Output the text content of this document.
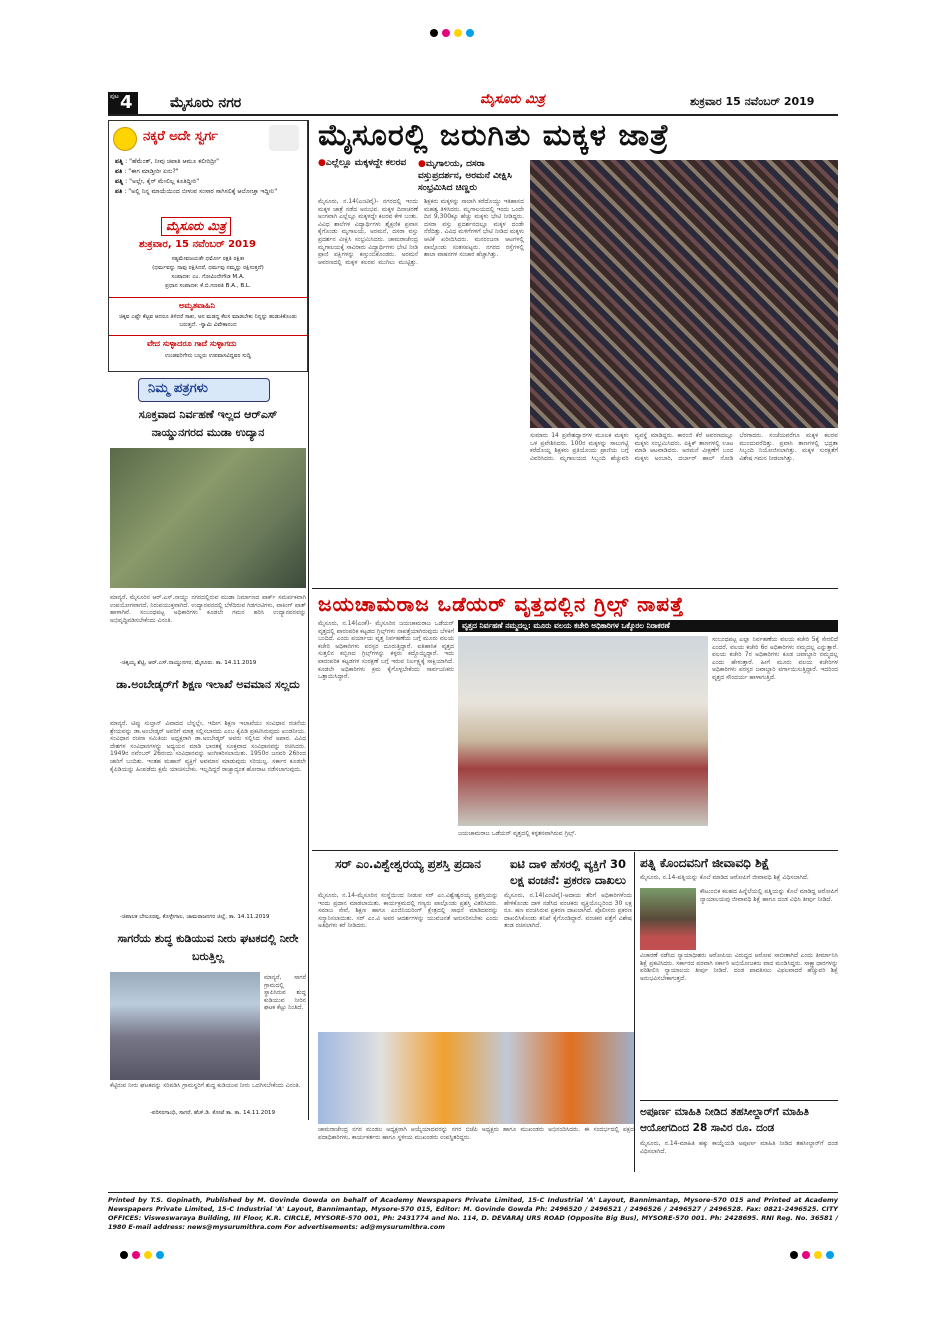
ಪುಟ 4	ಮೈಸೂರು ನಗರ	ಮೈಸೂರು ಮಿತ್ರ	ಶುಕ್ರವಾರ 15 ನವೆಂಬರ್ 2019
ನಕ್ಕರೆ ಅದೇ ಸ್ವರ್ಗ
ಪತ್ನಿ : "ಹೆಮೆಂತ್, ನೀವು ಚಪಾತಿ ಆಮೂ ಕಲೀರಿದ್ರೀ"
ಪತಿ : "ಈಗ ಮಾಡ್ತೀರೀ ಏನು?"
ಪತ್ನಿ : "ಅಲ್ಲೇ, ಕೈರ್ ಮೇಲಿಲ್ಲ ಕೂತಿದ್ದೀರಿ"
ಪತಿ : "ಅಲ್ಲಿ ನಿನ್ನ ಮಾಯೆಯಿಂದ ಬೀಳುವ ಸಂಸಾರ ಸಾಗಿಸಲಿಕ್ಕೆ ಆಲೋಚ್ತಾ ಇದ್ದೀನಿ"
ಮೈಸೂರು ಮಿತ್ರ
ಶುಕ್ರವಾರ, 15 ನವೆಂಬರ್ 2019
ಸತ್ಯಮೇವಜಯತೇ ಧರ್ಮೋ ರಕ್ಷತಿ ರಕ್ಷಿತಃ
(ಧರ್ಮವನ್ನು ನಾವು ರಕ್ಷಿಸಿದರೆ, ಧರ್ಮವು ನಮ್ಮನ್ನು ರಕ್ಷಿಸುತ್ತದೆ)
ಸಂಪಾದಕ: ಎಂ. ಗೋವಿಂದೇಗೌಡ M.A.
ಪ್ರಧಾನ ಸಂಪಾದಕ: ಕೆ.ಬಿ.ಗಣಪತಿ B.A., B.L.
ಅಮೃತವಾಹಿನಿ
ಚಿಕ್ಕವ ಎಷ್ಟೇ ಕೆಟ್ಟವ ಆದರೂ ತಿಳಿದರೆ ಸಾಕು, ಅನ ಮಡದ್ದ ಕೆಲಸ ಮಾಡಬೇಕು ನಿನ್ನನ್ನು ಹುಡುಕಿಕೊಂಡು ಬರುತ್ತದೆ. -ಸ್ವಾಮಿ ವಿವೇಕಾನಂದ
ವೇದ ಸುಳ್ಳಾದರೂ ಗಾದೆ ಸುಳ್ಳಾಗದು
ಉಂಡವರಿಗೇನು ಬಲ್ಲರು ಉಪವಾಸವಿದ್ದವರ ಸುದ್ದಿ
ನಿಮ್ಮ ಪತ್ರಗಳು
ಸೂಕ್ತವಾದ ನಿರ್ವಹಣೆ ಇಲ್ಲದ ಆರ್‌ಎಸ್ ನಾಯ್ಡುನಗರದ ಮುಡಾ ಉದ್ಯಾನ
ಮಾನ್ಯರೆ, ಮೈಸೂರಿನ ಆರ್.ಎಸ್.ನಾಯ್ಡು ನಗರದಲ್ಲಿರುವ ಮುಡಾ ನಿರ್ಮಾಣದ ಪಾರ್ಕ್ ಸಮರ್ಪಕವಾಗಿ ಉಪಯೋಗವಾಗದೆ, ನಿರುಪಯುಕ್ತವಾಗಿದೆ. ಉದ್ಯಾನವನದಲ್ಲಿ ಬೆಳೆದಿರುವ ಗಿಡಗಂಟಿಗಳು, ವಾಕಿಂಗ್ ಪಾತ್ ಹಾಳಾಗಿವೆ. ಸಂಬಂಧಪಟ್ಟ ಅಧಿಕಾರಿಗಳು ಕೂಡಲೇ ಗಮನ ಹರಿಸಿ ಉದ್ಯಾನವನವನ್ನು ಅಭಿವೃದ್ಧಿಪಡಿಸಬೇಕೆಂದು ವಿನಂತಿ.
-ಚಿಕ್ಕಯ್ಯ ಶೆಟ್ಟಿ, ಆರ್.ಎಸ್.ನಾಯ್ಡುನಗರ, ಮೈಸೂರು. ತಾ. 14.11.2019
ಡಾ.ಅಂಬೇಡ್ಕರ್‌ಗೆ ಶಿಕ್ಷಣ ಇಲಾಖೆ ಅವಮಾನ ಸಲ್ಲದು
ಮಾನ್ಯರೆ, ಟಿಪ್ಪು ಸುಲ್ತಾನ್ ವಿವಾದದ ಬೆನ್ನಲ್ಲೇ, ಇದೀಗ ಶಿಕ್ಷಣ ಇಲಾಖೆಯು ಸಂವಿಧಾನ ರಚನೆಯ ಶ್ರೇಯವನ್ನು ಡಾ.ಅಂಬೇಡ್ಕರ್ ಅವರಿಗೆ ಮಾತ್ರ ಸಲ್ಲಿಸಬಾರದು ಎಂಬ ಕೈಪಿಡಿ ಪ್ರಕಟಿಸಿರುವುದು ಖಂಡನೀಯ. ಸಂವಿಧಾನ ರಚನಾ ಸಮಿತಿಯ ಅಧ್ಯಕ್ಷರಾಗಿ ಡಾ.ಅಂಬೇಡ್ಕರ್ ಅವರು ಸಲ್ಲಿಸಿದ ಸೇವೆ ಅಪಾರ. ವಿವಿಧ ದೇಶಗಳ ಸಂವಿಧಾನಗಳನ್ನು ಅಧ್ಯಯನ ಮಾಡಿ ಭಾರತಕ್ಕೆ ಸೂಕ್ತವಾದ ಸಂವಿಧಾನವನ್ನು ರಚಿಸಿದರು. 1949ರ ನವೆಂಬರ್ 26ರಂದು ಸಂವಿಧಾನವನ್ನು ಅಂಗೀಕರಿಸಲಾಯಿತು. 1950ರ ಜನವರಿ 26ರಿಂದ ಜಾರಿಗೆ ಬಂದಿತು. ಇಂತಹ ಮಹಾನ್ ವ್ಯಕ್ತಿಗೆ ಅವಮಾನ ಮಾಡುವುದು ಸರಿಯಲ್ಲ. ಸರ್ಕಾರ ಕೂಡಲೇ ಕೈಪಿಡಿಯನ್ನು ಹಿಂಪಡೆದು ಕ್ಷಮೆ ಯಾಚಿಸಬೇಕು. ಇಲ್ಲದಿದ್ದರೆ ರಾಜ್ಯಾದ್ಯಂತ ಹೋರಾಟ ನಡೆಸಲಾಗುವುದು.
-ಚಿಪಾಲಕ ಬೇಲೂರಪ್ಪ, ಕೊಳ್ಳೇಗಾಲ, ಚಾಮರಾಜನಗರ ಜಿಲ್ಲೆ, ತಾ. 14.11.2019
ಸಾಗರೆಯ ಶುದ್ಧ ಕುಡಿಯುವ ನೀರು ಘಟಕದಲ್ಲಿ ನೀರೇ ಬರುತ್ತಿಲ್ಲ
ಮಾನ್ಯರೆ, ಸಾಗರೆ ಗ್ರಾಮದಲ್ಲಿ ಸ್ಥಾಪಿಸಿರುವ ಶುದ್ಧ ಕುಡಿಯುವ ನೀರಿನ ಘಟಕ ಕೆಟ್ಟು ನಿಂತಿದೆ.
ಕೆಟ್ಟಿರುವ ನೀರು ಘಟಕವನ್ನು ಸರಿಪಡಿಸಿ ಗ್ರಾಮಸ್ಥರಿಗೆ ಶುದ್ಧ ಕುಡಿಯುವ ನೀರು ಒದಗಿಸಬೇಕೆಂದು ವಿನಂತಿ.
-ಪರಿಸರಗಾಂಧಿ, ಸಾಗರೆ, ಹೆಚ್.ಡಿ. ಕೋಟೆ ತಾ. ತಾ. 14.11.2019
ಮೈಸೂರಲ್ಲಿ ಜರುಗಿತು ಮಕ್ಕಳ ಜಾತ್ರೆ
●ಎಲ್ಲೆಲ್ಲೂ ಮಕ್ಕಳದ್ದೇ ಕಲರವ ●ಮೃಗಾಲಯ, ದಸರಾ ವಸ್ತುಪ್ರದರ್ಶನ, ಅರಮನೆ ವೀಕ್ಷಿಸಿ ಸಂಭ್ರಮಿಸಿದ ಚಿಣ್ಣರು
ಮೈಸೂರು, ನ.14(ಎಂಟಿವೈ)- ನಗರದಲ್ಲಿ ಇಂದು ಮಕ್ಕಳ ಜಾತ್ರೆ ನಡೆದ ಅನುಭವ. ಮಕ್ಕಳ ದಿನಾಚರಣೆ ಅಂಗವಾಗಿ ಎಲ್ಲೆಲ್ಲೂ ಮಕ್ಕಳದ್ದೇ ಕಲರವ ಕೇಳಿ ಬಂತು. ವಿವಿಧ ಶಾಲೆಗಳ ವಿದ್ಯಾರ್ಥಿಗಳು ಶೈಕ್ಷಣಿಕ ಪ್ರವಾಸ ಕೈಗೊಂಡು ಮೃಗಾಲಯ, ಅರಮನೆ, ದಸರಾ ವಸ್ತು ಪ್ರದರ್ಶನ ವೀಕ್ಷಿಸಿ ಸಂಭ್ರಮಿಸಿದರು. ಚಾಮರಾಜೇಂದ್ರ ಮೃಗಾಲಯಕ್ಕೆ ಸಾವಿರಾರು ವಿದ್ಯಾರ್ಥಿಗಳು ಭೇಟಿ ನೀಡಿ ಪ್ರಾಣಿ ಪಕ್ಷಿಗಳನ್ನು ಕಣ್ತುಂಬಿಕೊಂಡರು. ಅರಮನೆ ಆವರಣದಲ್ಲಿ ಮಕ್ಕಳ ಕಲರವ ಮುಗಿಲು ಮುಟ್ಟಿತ್ತು. ಶಿಕ್ಷಕರು ಮಕ್ಕಳನ್ನು ಸಾಲಾಗಿ ಕರೆದೊಯ್ದು ಇತಿಹಾಸದ ಮಹತ್ವ ತಿಳಿಸಿದರು. ಮೃಗಾಲಯದಲ್ಲಿ ಇಂದು ಒಂದೇ ದಿನ 9,300ಕ್ಕೂ ಹೆಚ್ಚು ಮಕ್ಕಳು ಭೇಟಿ ನೀಡಿದ್ದರು. ದಸರಾ ವಸ್ತು ಪ್ರದರ್ಶನದಲ್ಲೂ ಮಕ್ಕಳ ದಂಡೇ ನೆರೆದಿತ್ತು. ವಿವಿಧ ಮಳಿಗೆಗಳಿಗೆ ಭೇಟಿ ನೀಡಿದ ಮಕ್ಕಳು ಆಟಿಕೆ ಖರೀದಿಸಿದರು. ಮನರಂಜನಾ ಆಟಗಳಲ್ಲಿ ಪಾಲ್ಗೊಂಡು ಸಂತಸಪಟ್ಟರು. ನಗರದ ರಸ್ತೆಗಳಲ್ಲಿ ಶಾಲಾ ವಾಹನಗಳ ಸಂಚಾರ ಹೆಚ್ಚಾಗಿತ್ತು.
ಸುಮಾರು 14 ಪ್ರವೇಶದ್ವಾರಗಳ ಮೂಲಕ ಮಕ್ಕಳು ಒಳ ಪ್ರವೇಶಿಸಿದರು. 100ರ ಮಕ್ಕಳನ್ನು ಸಾಲುಗಟ್ಟಿ ಕರೆದೊಯ್ದ ಶಿಕ್ಷಕರು ಪ್ರತಿಯೊಂದು ಪ್ರಾಣಿಯ ಬಗ್ಗೆ ವಿವರಿಸಿದರು. ಮೃಗಾಲಯದ ಸಿಬ್ಬಂದಿ ಹೆಚ್ಚುವರಿ ವ್ಯವಸ್ಥೆ ಮಾಡಿದ್ದರು. ಕಾರಂಜಿ ಕೆರೆ ಆವರಣದಲ್ಲೂ ಮಕ್ಕಳು ಸಂಭ್ರಮಿಸಿದರು. ಪಿಕ್ನಿಕ್ ತಾಣಗಳಲ್ಲಿ ಊಟ ಮಾಡಿ ಆಟವಾಡಿದರು. ಅರಮನೆ ವೀಕ್ಷಣೆಗೆ ಬಂದ ಮಕ್ಕಳು ಅಂಬಾರಿ, ದರ್ಬಾರ್ ಹಾಲ್ ನೋಡಿ ಬೆರಗಾದರು. ಸಂಜೆಯವರೆಗೂ ಮಕ್ಕಳ ಕಲರವ ಮುಂದುವರೆದಿತ್ತು. ಪ್ರವಾಸಿ ತಾಣಗಳಲ್ಲಿ ಭದ್ರತಾ ಸಿಬ್ಬಂದಿ ನಿಯೋಜಿಸಲಾಗಿತ್ತು. ಮಕ್ಕಳ ಸುರಕ್ಷತೆಗೆ ವಿಶೇಷ ಗಮನ ನೀಡಲಾಗಿತ್ತು.
ಜಯಚಾಮರಾಜ ಒಡೆಯರ್ ವೃತ್ತದಲ್ಲಿನ ಗ್ರಿಲ್ಸ್ ನಾಪತ್ತೆ
ಮೈಸೂರು, ನ.14(ಎಂಕೆ)- ಮೈಸೂರಿನ ಜಯಚಾಮರಾಜ ಒಡೆಯರ್ ವೃತ್ತದಲ್ಲಿ ಪಾರಂಪರಿಕ ಕಟ್ಟಡದ ಗ್ರಿಲ್ಸ್‌ಗಳು ನಾಪತ್ತೆಯಾಗಿರುವುದು ಬೆಳಕಿಗೆ ಬಂದಿದೆ. ಎಂದು ಪರ್ಯಾಯ ವೃತ್ತ ನಿರ್ವಹಣೆಯ ಬಗ್ಗೆ ಮೂರು ವಲಯ ಕಚೇರಿ ಅಧಿಕಾರಿಗಳು ಪರಸ್ಪರ ದೂರುತ್ತಿದ್ದಾರೆ. ಐತಿಹಾಸಿಕ ವೃತ್ತದ ಸುತ್ತಲಿನ ಕಬ್ಬಿಣದ ಗ್ರಿಲ್ಸ್‌ಗಳನ್ನು ಕಳ್ಳರು ಕದ್ದೊಯ್ದಿದ್ದಾರೆ. ಇದು ಪಾರಂಪರಿಕ ಕಟ್ಟಡಗಳ ಸಂರಕ್ಷಣೆ ಬಗ್ಗೆ ಇರುವ ನಿರ್ಲಕ್ಷ್ಯಕ್ಕೆ ಸಾಕ್ಷಿಯಾಗಿದೆ. ಕೂಡಲೇ ಅಧಿಕಾರಿಗಳು ಕ್ರಮ ಕೈಗೊಳ್ಳಬೇಕೆಂದು ಸಾರ್ವಜನಿಕರು ಒತ್ತಾಯಿಸಿದ್ದಾರೆ.
ವೃತ್ತದ ನಿರ್ವಹಣೆ ನಮ್ಮದಲ್ಲ: ಮೂರು ವಲಯ ಕಚೇರಿ ಅಧಿಕಾರಿಗಳ ಒಕ್ಕೊರಲ ನಿರಾಕರಣೆ
ಸಂಬಂಧಪಟ್ಟ ಎಲ್ಲಾ ನಿರ್ವಹಣೆಯ ವಲಯ ಕಚೇರಿ 5ಕ್ಕೆ ಸೇರಲಿದೆ ಎಂದರೆ, ವಲಯ ಕಚೇರಿ 6ರ ಅಧಿಕಾರಿಗಳು ನಮ್ಮದಲ್ಲ ಎನ್ನುತ್ತಾರೆ. ವಲಯ ಕಚೇರಿ 7ರ ಅಧಿಕಾರಿಗಳು ಕೂಡ ಜವಾಬ್ದಾರಿ ನಮ್ಮದಲ್ಲ ಎಂದು ಹೇಳುತ್ತಾರೆ. ಹೀಗೆ ಮೂರು ವಲಯ ಕಚೇರಿಗಳ ಅಧಿಕಾರಿಗಳು ಪರಸ್ಪರ ಜವಾಬ್ದಾರಿ ವರ್ಗಾಯಿಸುತ್ತಿದ್ದಾರೆ. ಇದರಿಂದ ವೃತ್ತದ ಸೌಂದರ್ಯ ಹಾಳಾಗುತ್ತಿದೆ.
ಜಯಚಾಮರಾಜ ಒಡೆಯರ್ ವೃತ್ತದಲ್ಲಿ ಕಳ್ಳತನವಾಗಿರುವ ಗ್ರಿಲ್ಸ್.
ಸರ್ ಎಂ.ವಿಶ್ವೇಶ್ವರಯ್ಯ ಪ್ರಶಸ್ತಿ ಪ್ರದಾನ
ಮೈಸೂರು, ನ.14-ಮೈಸೂರಿನ ಸಂಸ್ಥೆಯಿಂದ ನೀಡುವ ಸರ್ ಎಂ.ವಿಶ್ವೇಶ್ವರಯ್ಯ ಪ್ರಶಸ್ತಿಯನ್ನು ಇಂದು ಪ್ರದಾನ ಮಾಡಲಾಯಿತು. ಕಾರ್ಯಕ್ರಮದಲ್ಲಿ ಗಣ್ಯರು ಪಾಲ್ಗೊಂಡು ಪ್ರಶಸ್ತಿ ವಿತರಿಸಿದರು. ಸಮಾಜ ಸೇವೆ, ಶಿಕ್ಷಣ ಹಾಗೂ ಎಂಜಿನಿಯರಿಂಗ್ ಕ್ಷೇತ್ರದಲ್ಲಿ ಸಾಧನೆ ಮಾಡಿದವರನ್ನು ಸನ್ಮಾನಿಸಲಾಯಿತು. ಸರ್ ಎಂ.ವಿ ಅವರ ಆದರ್ಶಗಳನ್ನು ಯುವಜನತೆ ಅನುಸರಿಸಬೇಕು ಎಂದು ಅತಿಥಿಗಳು ಕರೆ ನೀಡಿದರು.
ಐಟಿ ದಾಳಿ ಹೆಸರಲ್ಲಿ ವ್ಯಕ್ತಿಗೆ 30 ಲಕ್ಷ ವಂಚನೆ: ಪ್ರಕರಣ ದಾಖಲು
ಮೈಸೂರು, ನ.14(ಎಂಟಿವೈ)-ಆದಾಯ ತೆರಿಗೆ ಅಧಿಕಾರಿಗಳೆಂದು ಹೇಳಿಕೊಂಡು ದಾಳಿ ನಡೆಸಿದ ವಂಚಕರು ವ್ಯಕ್ತಿಯೊಬ್ಬರಿಂದ 30 ಲಕ್ಷ ರೂ. ಹಣ ವಂಚಿಸಿರುವ ಪ್ರಕರಣ ದಾಖಲಾಗಿದೆ. ಪೊಲೀಸರು ಪ್ರಕರಣ ದಾಖಲಿಸಿಕೊಂಡು ತನಿಖೆ ಕೈಗೊಂಡಿದ್ದಾರೆ. ವಂಚಕರ ಪತ್ತೆಗೆ ವಿಶೇಷ ತಂಡ ರಚಿಸಲಾಗಿದೆ.
ಪತ್ನಿ ಕೊಂದವನಿಗೆ ಜೀವಾವಧಿ ಶಿಕ್ಷೆ
ಮೈಸೂರು, ನ.14-ಪತ್ನಿಯನ್ನು ಕೊಲೆ ಮಾಡಿದ ಆರೋಪಿಗೆ ಜೀವಾವಧಿ ಶಿಕ್ಷೆ ವಿಧಿಸಲಾಗಿದೆ.
ಕೌಟುಂಬಿಕ ಕಲಹದ ಹಿನ್ನೆಲೆಯಲ್ಲಿ ಪತ್ನಿಯನ್ನು ಕೊಲೆ ಮಾಡಿದ್ದ ಆರೋಪಿಗೆ ನ್ಯಾಯಾಲಯವು ಜೀವಾವಧಿ ಶಿಕ್ಷೆ ಹಾಗೂ ದಂಡ ವಿಧಿಸಿ ತೀರ್ಪು ನೀಡಿದೆ.
ವಿಚಾರಣೆ ನಡೆಸಿದ ನ್ಯಾಯಾಧೀಶರು ಆರೋಪಿಯ ವಿರುದ್ಧದ ಆರೋಪ ಸಾಬೀತಾಗಿದೆ ಎಂದು ತೀರ್ಮಾನಿಸಿ ಶಿಕ್ಷೆ ಪ್ರಕಟಿಸಿದರು. ಸರ್ಕಾರದ ಪರವಾಗಿ ಸರ್ಕಾರಿ ಅಭಿಯೋಜಕರು ವಾದ ಮಂಡಿಸಿದ್ದರು. ಸಾಕ್ಷ್ಯಾಧಾರಗಳನ್ನು ಪರಿಶೀಲಿಸಿ ನ್ಯಾಯಾಲಯ ತೀರ್ಪು ನೀಡಿದೆ. ದಂಡ ಪಾವತಿಸಲು ವಿಫಲವಾದರೆ ಹೆಚ್ಚುವರಿ ಶಿಕ್ಷೆ ಅನುಭವಿಸಬೇಕಾಗುತ್ತದೆ.
ಅಪೂರ್ಣ ಮಾಹಿತಿ ನೀಡಿದ ತಹಸೀಲ್ದಾರ್‌ಗೆ ಮಾಹಿತಿ ಆಯೋಗದಿಂದ 28 ಸಾವಿರ ರೂ. ದಂಡ
ಮೈಸೂರು, ನ.14-ಮಾಹಿತಿ ಹಕ್ಕು ಕಾಯ್ದೆಯಡಿ ಅಪೂರ್ಣ ಮಾಹಿತಿ ನೀಡಿದ ತಹಸೀಲ್ದಾರ್‌ಗೆ ದಂಡ ವಿಧಿಸಲಾಗಿದೆ.
ಚಾಮರಾಜೇಂದ್ರ ನಗರ ಮಂಡಲ ಅಧ್ಯಕ್ಷರಾಗಿ ಆಯ್ಕೆಯಾದವರನ್ನು ನಗರ ಬಿಜೆಪಿ ಅಧ್ಯಕ್ಷರು ಹಾಗೂ ಮುಖಂಡರು ಅಭಿನಂದಿಸಿದರು. ಈ ಸಂದರ್ಭದಲ್ಲಿ ಪಕ್ಷದ ಪದಾಧಿಕಾರಿಗಳು, ಕಾರ್ಯಕರ್ತರು ಹಾಗೂ ಸ್ಥಳೀಯ ಮುಖಂಡರು ಉಪಸ್ಥಿತರಿದ್ದರು.
Printed by T.S. Gopinath, Published by M. Govinde Gowda on behalf of Academy Newspapers Private Limited, 15-C Industrial 'A' Layout, Bannimantap, Mysore-570 015 and Printed at Academy Newspapers Private Limited, 15-C Industrial 'A' Layout, Bannimantap, Mysore-570 015, Editor: M. Govinde Gowda Ph: 2496520 / 2496521 / 2496526 / 2496527 / 2496528. Fax: 0821-2496525. CITY OFFICES: Visweswaraya Building, III Floor, K.R. CIRCLE, MYSORE-570 001, Ph: 2431774 and No. 114, D. DEVARAJ URS ROAD (Opposite Big Bus), MYSORE-570 001. Ph: 2428695. RNI Reg. No. 36581 / 1980 E-mail address: news@mysurumithra.com For advertisements: ad@mysurumithra.com
